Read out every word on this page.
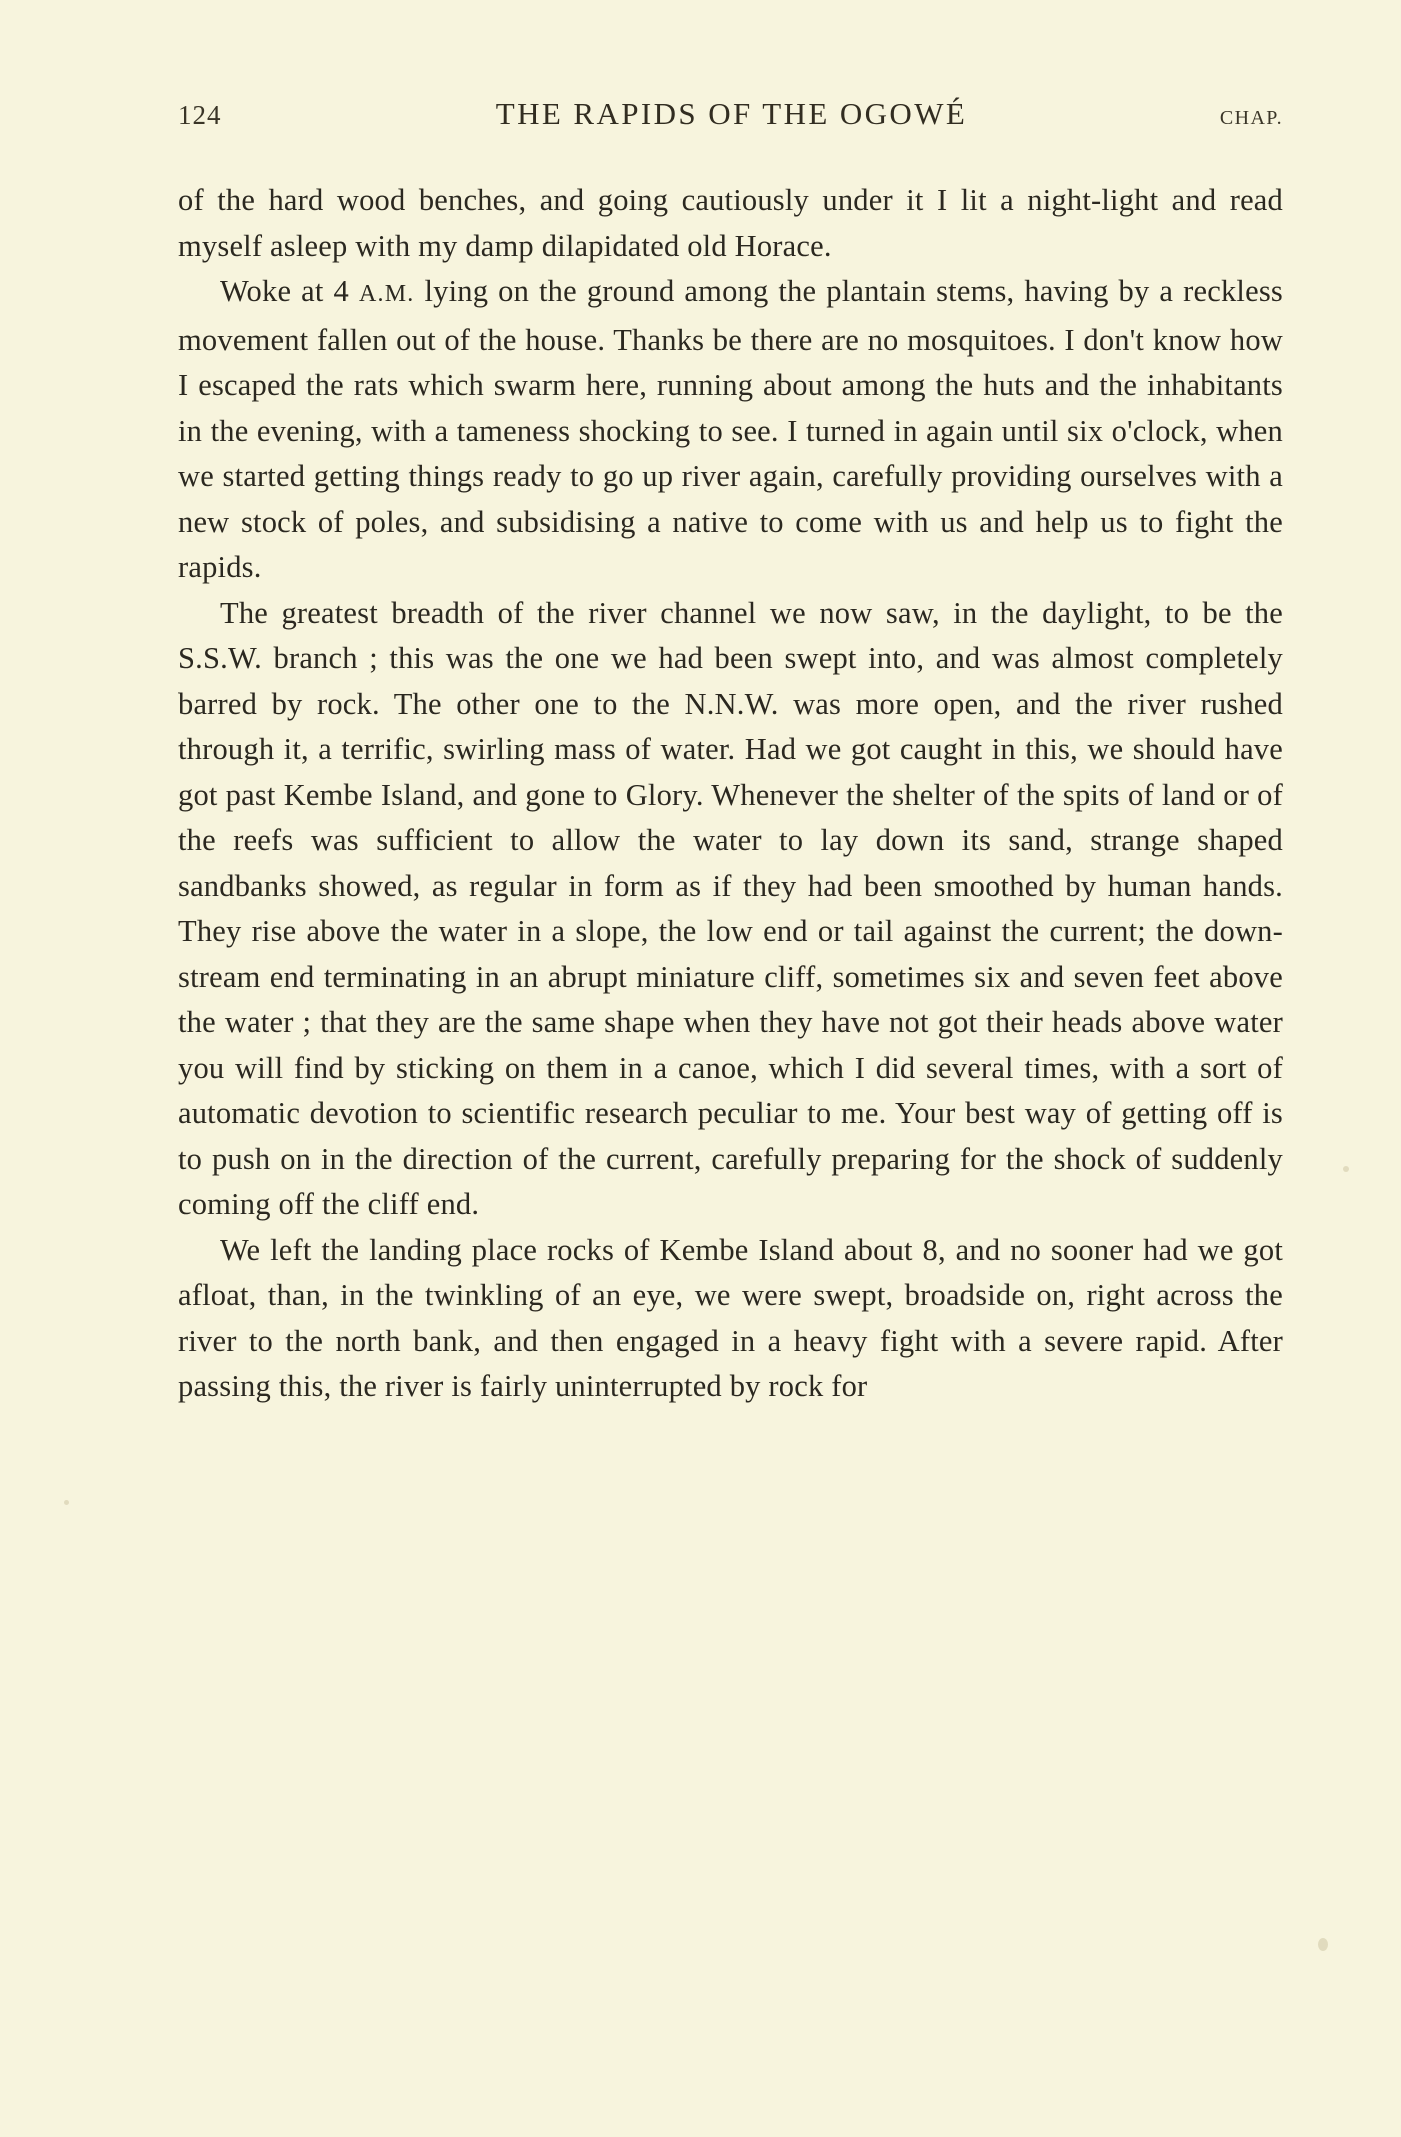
124	THE RAPIDS OF THE OGOWÉ	CHAP.

of the hard wood benches, and going cautiously under it I lit a night-light and read myself asleep with my damp dilapidated old Horace.

Woke at 4 A.M. lying on the ground among the plantain stems, having by a reckless movement fallen out of the house. Thanks be there are no mosquitoes. I don't know how I escaped the rats which swarm here, running about among the huts and the inhabitants in the evening, with a tameness shocking to see. I turned in again until six o'clock, when we started getting things ready to go up river again, carefully providing ourselves with a new stock of poles, and subsidising a native to come with us and help us to fight the rapids.

The greatest breadth of the river channel we now saw, in the daylight, to be the S.S.W. branch ; this was the one we had been swept into, and was almost completely barred by rock. The other one to the N.N.W. was more open, and the river rushed through it, a terrific, swirling mass of water. Had we got caught in this, we should have got past Kembe Island, and gone to Glory. Whenever the shelter of the spits of land or of the reefs was sufficient to allow the water to lay down its sand, strange shaped sandbanks showed, as regular in form as if they had been smoothed by human hands. They rise above the water in a slope, the low end or tail against the current; the down-stream end terminating in an abrupt miniature cliff, sometimes six and seven feet above the water ; that they are the same shape when they have not got their heads above water you will find by sticking on them in a canoe, which I did several times, with a sort of automatic devotion to scientific research peculiar to me. Your best way of getting off is to push on in the direction of the current, carefully preparing for the shock of suddenly coming off the cliff end.

We left the landing place rocks of Kembe Island about 8, and no sooner had we got afloat, than, in the twinkling of an eye, we were swept, broadside on, right across the river to the north bank, and then engaged in a heavy fight with a severe rapid. After passing this, the river is fairly uninterrupted by rock for
